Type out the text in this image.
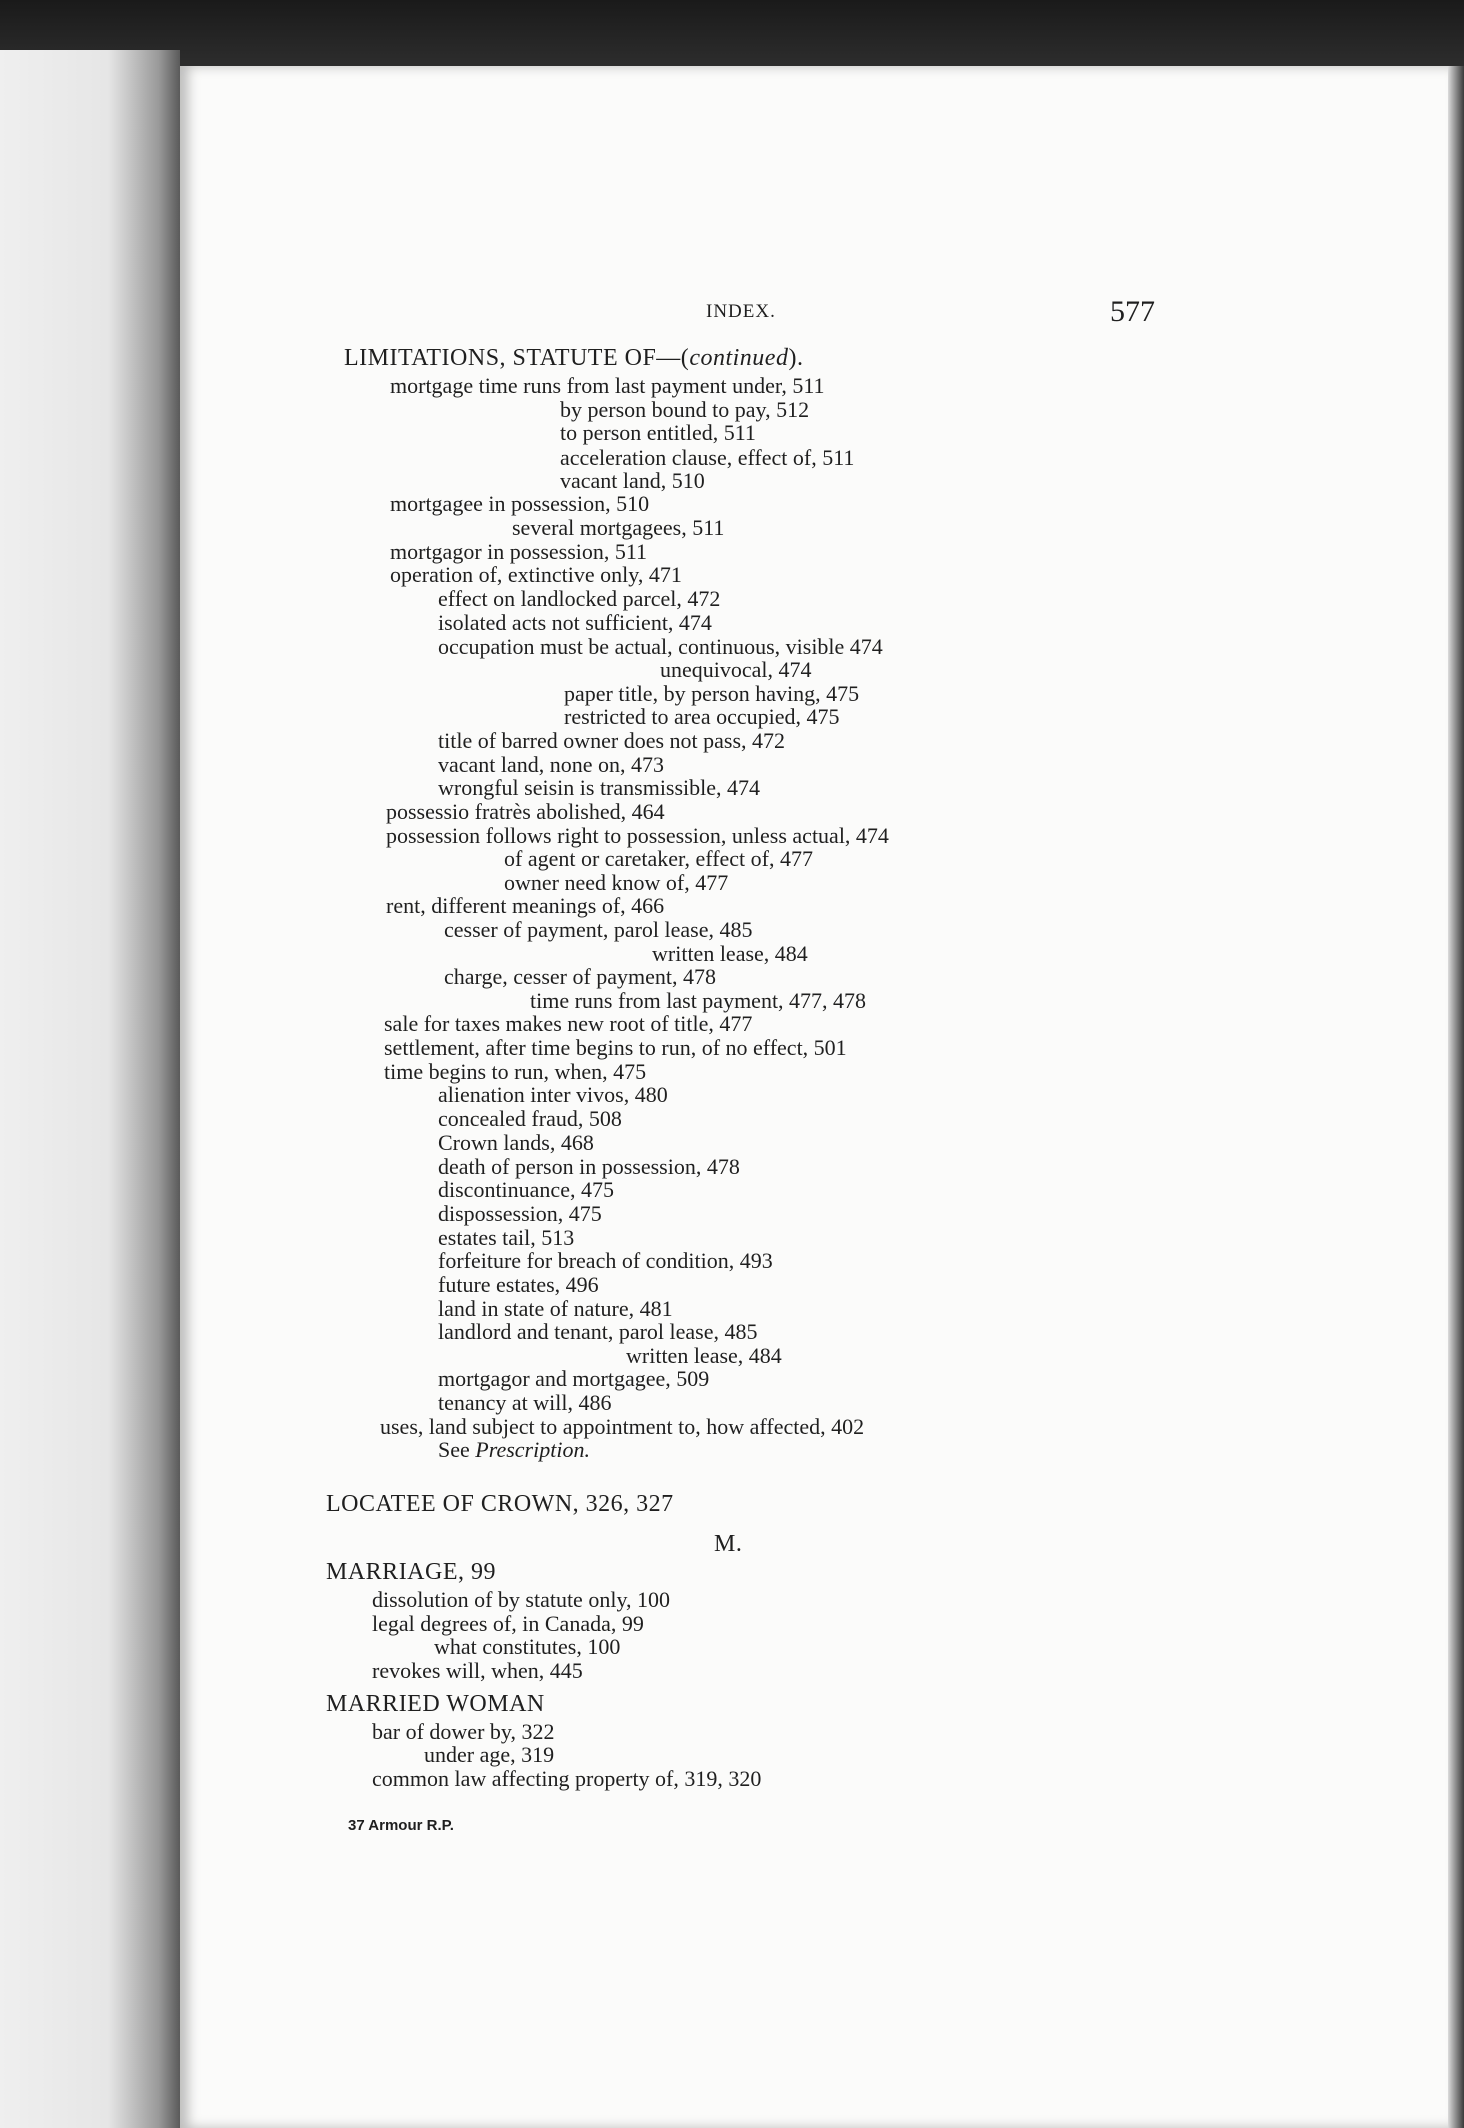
INDEX.	577
LIMITATIONS, STATUTE OF—(continued).
mortgage time runs from last payment under, 511
by person bound to pay, 512
to person entitled, 511
acceleration clause, effect of, 511
vacant land, 510
mortgagee in possession, 510
several mortgagees, 511
mortgagor in possession, 511
operation of, extinctive only, 471
effect on landlocked parcel, 472
isolated acts not sufficient, 474
occupation must be actual, continuous, visible 474
unequivocal, 474
paper title, by person having, 475
restricted to area occupied, 475
title of barred owner does not pass, 472
vacant land, none on, 473
wrongful seisin is transmissible, 474
possessio fratrès abolished, 464
possession follows right to possession, unless actual, 474
of agent or caretaker, effect of, 477
owner need know of, 477
rent, different meanings of, 466
cesser of payment, parol lease, 485
written lease, 484
charge, cesser of payment, 478
time runs from last payment, 477, 478
sale for taxes makes new root of title, 477
settlement, after time begins to run, of no effect, 501
time begins to run, when, 475
alienation inter vivos, 480
concealed fraud, 508
Crown lands, 468
death of person in possession, 478
discontinuance, 475
dispossession, 475
estates tail, 513
forfeiture for breach of condition, 493
future estates, 496
land in state of nature, 481
landlord and tenant, parol lease, 485
written lease, 484
mortgagor and mortgagee, 509
tenancy at will, 486
uses, land subject to appointment to, how affected, 402
See Prescription.
LOCATEE OF CROWN, 326, 327
M.
MARRIAGE, 99
dissolution of by statute only, 100
legal degrees of, in Canada, 99
what constitutes, 100
revokes will, when, 445
MARRIED WOMAN
bar of dower by, 322
under age, 319
common law affecting property of, 319, 320
37 Armour R.P.
